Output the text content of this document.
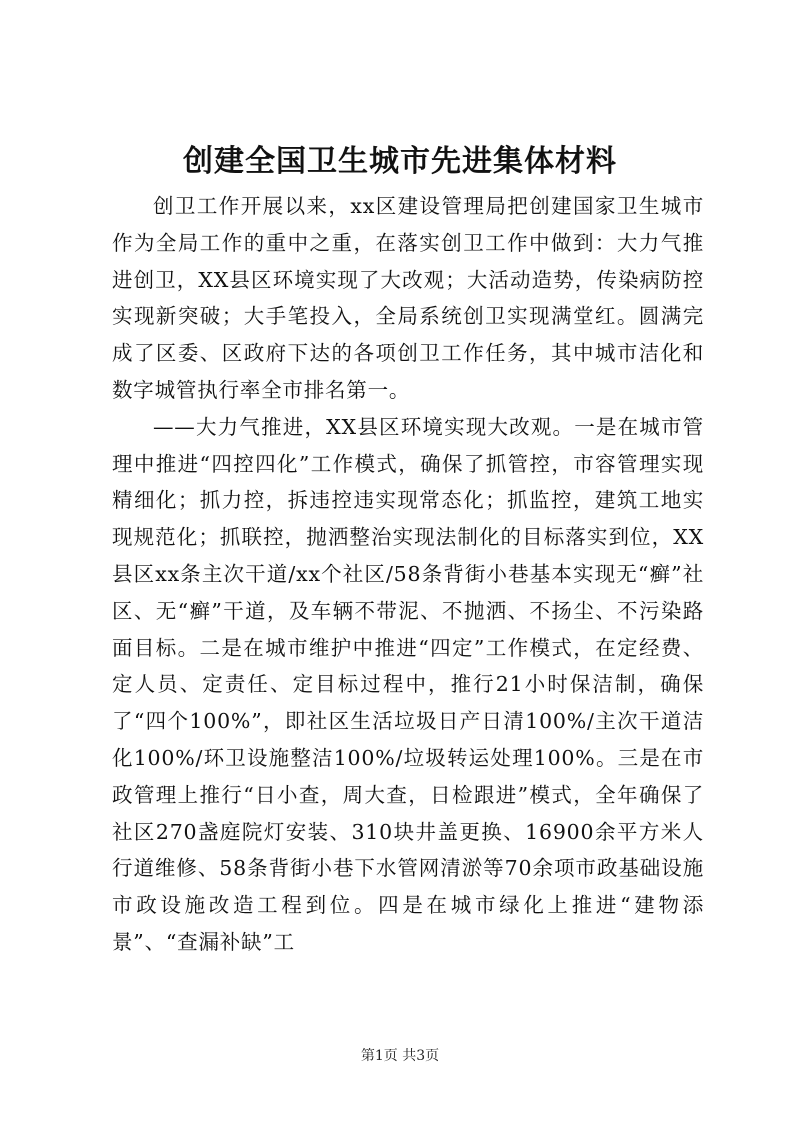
创建全国卫生城市先进集体材料

创卫工作开展以来，xx区建设管理局把创建国家卫生城市作为全局工作的重中之重，在落实创卫工作中做到：大力气推进创卫，XX县区环境实现了大改观；大活动造势，传染病防控实现新突破；大手笔投入，全局系统创卫实现满堂红。圆满完成了区委、区政府下达的各项创卫工作任务，其中城市洁化和数字城管执行率全市排名第一。

——大力气推进，XX县区环境实现大改观。一是在城市管理中推进“四控四化”工作模式，确保了抓管控，市容管理实现精细化；抓力控，拆违控违实现常态化；抓监控，建筑工地实现规范化；抓联控，抛洒整治实现法制化的目标落实到位，XX县区xx条主次干道/xx个社区/58条背街小巷基本实现无“癣”社区、无“癣”干道，及车辆不带泥、不抛洒、不扬尘、不污染路面目标。二是在城市维护中推进“四定”工作模式，在定经费、定人员、定责任、定目标过程中，推行21小时保洁制，确保了“四个100%”，即社区生活垃圾日产日清100%/主次干道洁化100%/环卫设施整洁100%/垃圾转运处理100%。三是在市政管理上推行“日小查，周大查，日检跟进”模式，全年确保了社区270盏庭院灯安装、310块井盖更换、16900余平方米人行道维修、58条背街小巷下水管网清淤等70余项市政基础设施市政设施改造工程到位。四是在城市绿化上推进“建物添景”、“查漏补缺”工

第1页 共3页
